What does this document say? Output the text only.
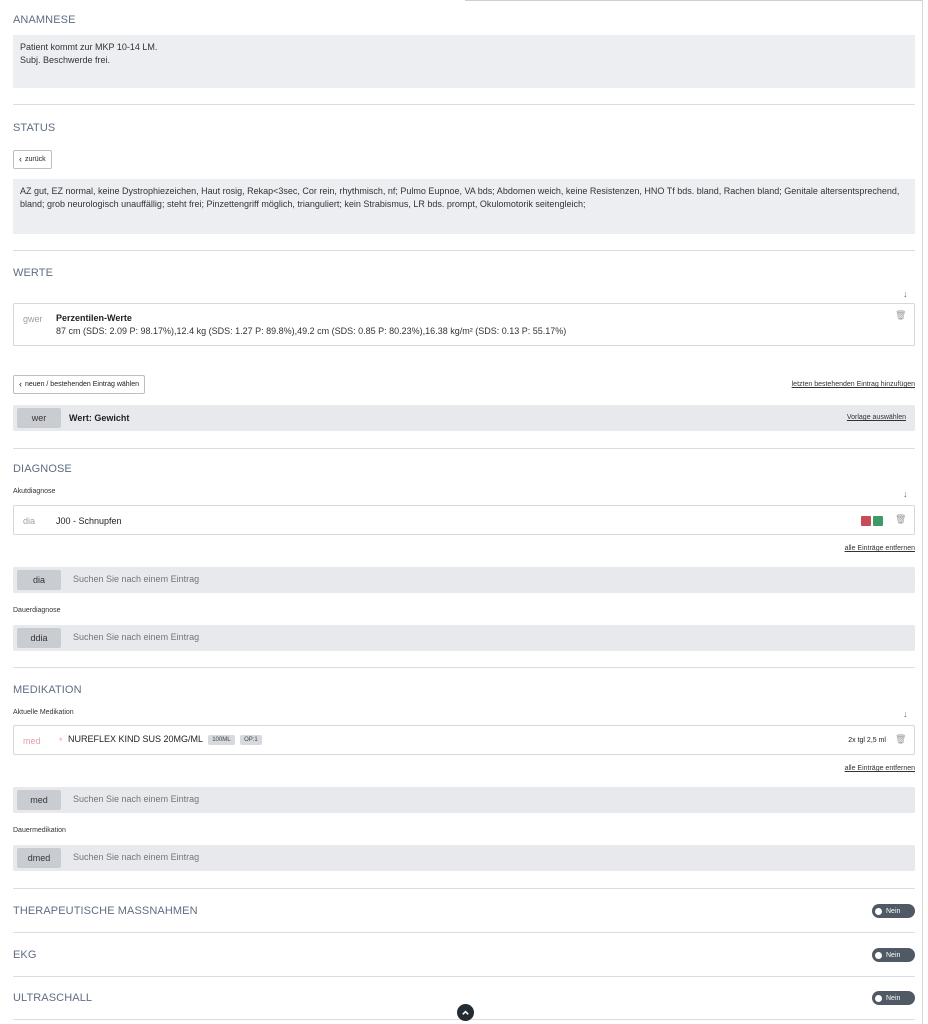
ANAMNESE
Patient kommt zur MKP 10-14 LM.
Subj. Beschwerde frei.
STATUS
‹ zurück
AZ gut, EZ normal, keine Dystrophiezeichen, Haut rosig, Rekap<3sec, Cor rein, rhythmisch, nf; Pulmo Eupnoe, VA bds; Abdomen weich, keine Resistenzen, HNO Tf bds. bland, Rachen bland; Genitale altersentsprechend, bland; grob neurologisch unauffällig; steht frei; Pinzettengriff möglich, trianguliert; kein Strabismus, LR bds. prompt, Okulomotorik seitengleich;
WERTE
↓
gwer Perzentilen-Werte
87 cm (SDS: 2.09 P: 98.17%),12.4 kg (SDS: 1.27 P: 89.8%),49.2 cm (SDS: 0.85 P: 80.23%),16.38 kg/m² (SDS: 0.13 P: 55.17%)
🗑
‹ neuen / bestehenden Eintrag wählen	letzten bestehenden Eintrag hinzufügen
wer	Wert: Gewicht	Vorlage auswählen
DIAGNOSE
Akutdiagnose	↓
dia J00 - Schnupfen	🗑
alle Einträge entfernen
dia
Suchen Sie nach einem Eintrag
Dauerdiagnose
ddia
Suchen Sie nach einem Eintrag
MEDIKATION
Aktuelle Medikation	↓
med * NUREFLEX KIND SUS 20MG/ML 100ML OP:1	2x tgl 2,5 ml 🗑
alle Einträge entfernen
med
Suchen Sie nach einem Eintrag
Dauermedikation
dmed
Suchen Sie nach einem Eintrag
THERAPEUTISCHE MASSNAHMEN	Nein
EKG	Nein
ULTRASCHALL	Nein
